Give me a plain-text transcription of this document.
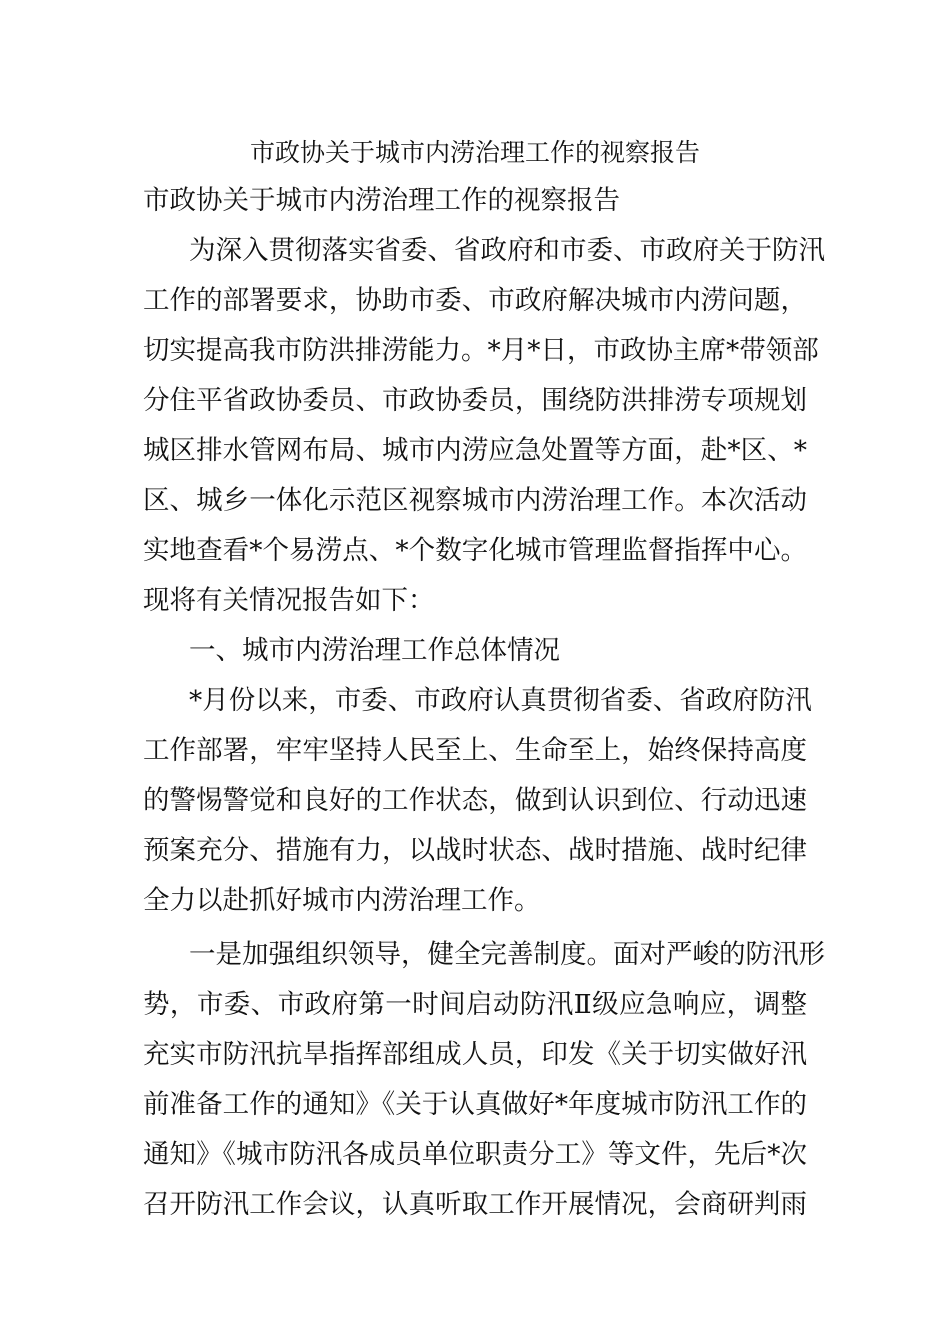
市政协关于城市内涝治理工作的视察报告
市政协关于城市内涝治理工作的视察报告
为深入贯彻落实省委、省政府和市委、市政府关于防汛
工作的部署要求，协助市委、市政府解决城市内涝问题，
切实提高我市防洪排涝能力。*月*日，市政协主席*带领部
分住平省政协委员、市政协委员，围绕防洪排涝专项规划
城区排水管网布局、城市内涝应急处置等方面，赴*区、*
区、城乡一体化示范区视察城市内涝治理工作。本次活动
实地查看*个易涝点、*个数字化城市管理监督指挥中心。
现将有关情况报告如下：
一、城市内涝治理工作总体情况
*月份以来，市委、市政府认真贯彻省委、省政府防汛
工作部署，牢牢坚持人民至上、生命至上，始终保持高度
的警惕警觉和良好的工作状态，做到认识到位、行动迅速
预案充分、措施有力，以战时状态、战时措施、战时纪律
全力以赴抓好城市内涝治理工作。
一是加强组织领导，健全完善制度。面对严峻的防汛形
势，市委、市政府第一时间启动防汛Ⅱ级应急响应，调整
充实市防汛抗旱指挥部组成人员，印发《关于切实做好汛
前准备工作的通知》《关于认真做好*年度城市防汛工作的
通知》《城市防汛各成员单位职责分工》等文件，先后*次
召开防汛工作会议，认真听取工作开展情况，会商研判雨
